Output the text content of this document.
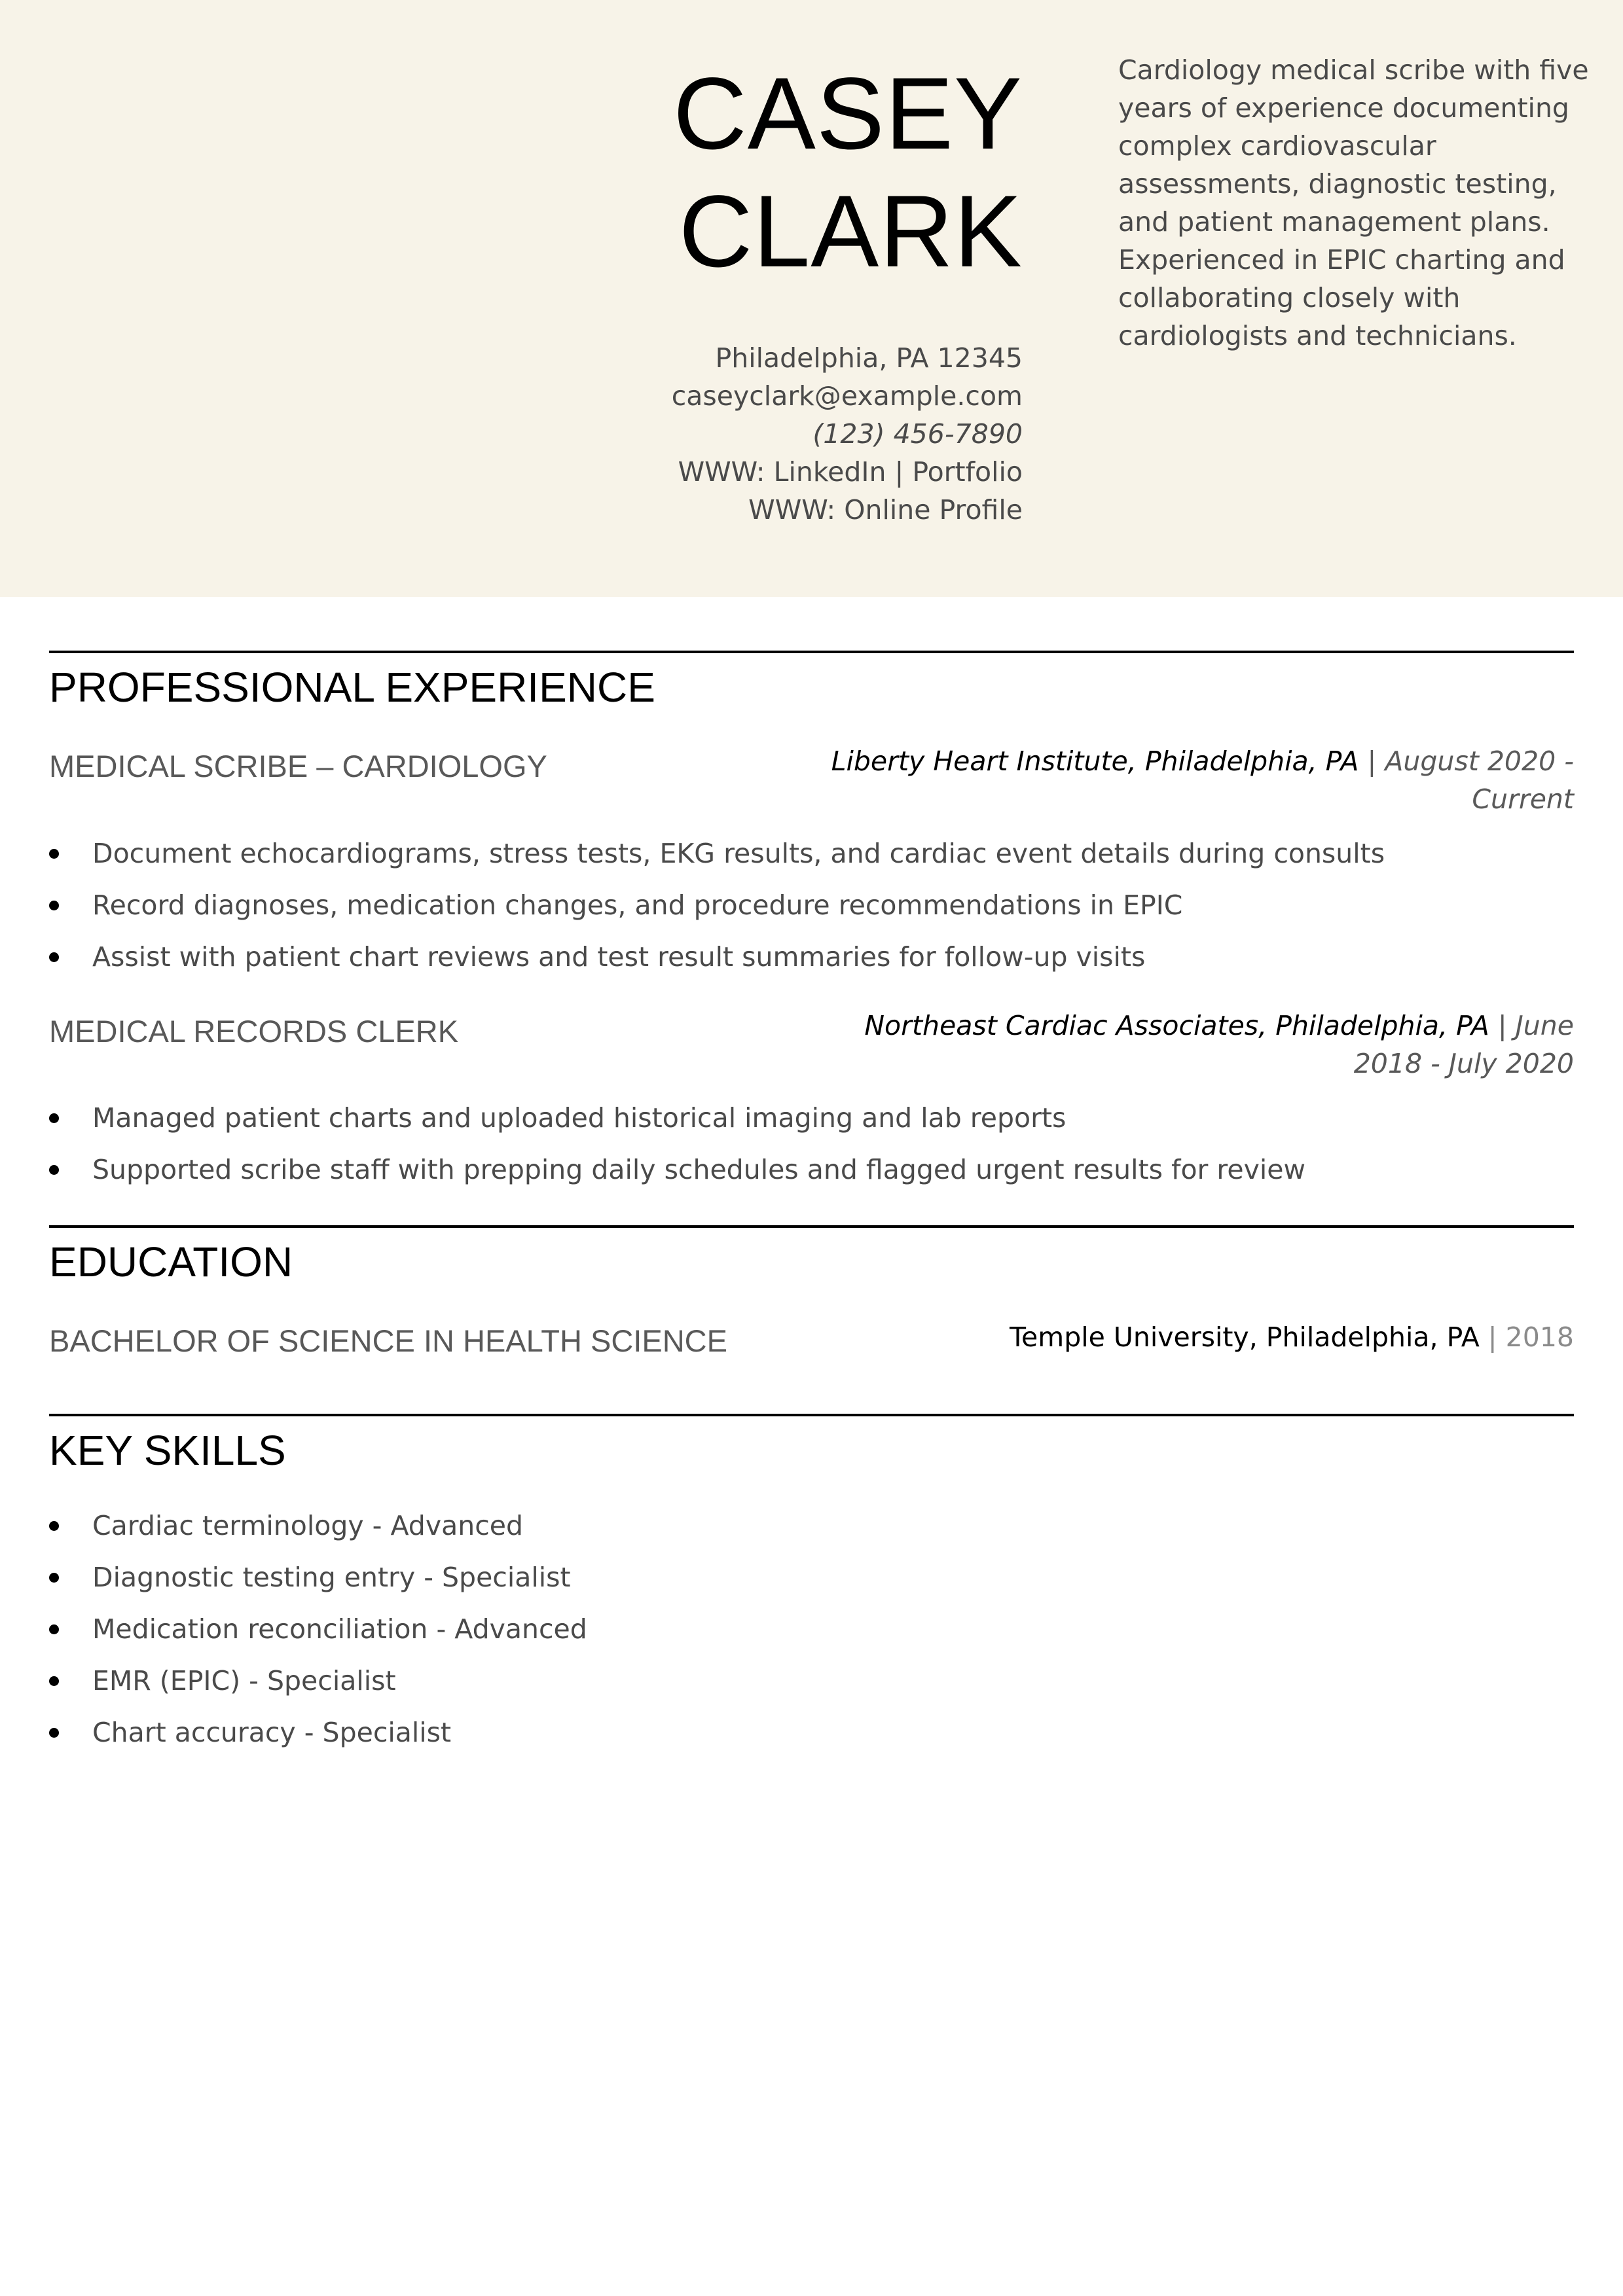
CASEY
CLARK
Philadelphia, PA 12345
caseyclark@example.com
(123) 456-7890
WWW: LinkedIn | Portfolio
WWW: Online Profile
Cardiology medical scribe with five years of experience documenting complex cardiovascular assessments, diagnostic testing, and patient management plans. Experienced in EPIC charting and collaborating closely with cardiologists and technicians.
PROFESSIONAL EXPERIENCE
MEDICAL SCRIBE – CARDIOLOGY	Liberty Heart Institute, Philadelphia, PA | August 2020 - Current
Document echocardiograms, stress tests, EKG results, and cardiac event details during consults
Record diagnoses, medication changes, and procedure recommendations in EPIC
Assist with patient chart reviews and test result summaries for follow-up visits
MEDICAL RECORDS CLERK	Northeast Cardiac Associates, Philadelphia, PA | June 2018 - July 2020
Managed patient charts and uploaded historical imaging and lab reports
Supported scribe staff with prepping daily schedules and flagged urgent results for review
EDUCATION
BACHELOR OF SCIENCE IN HEALTH SCIENCE	Temple University, Philadelphia, PA | 2018
KEY SKILLS
Cardiac terminology - Advanced
Diagnostic testing entry - Specialist
Medication reconciliation - Advanced
EMR (EPIC) - Specialist
Chart accuracy - Specialist
